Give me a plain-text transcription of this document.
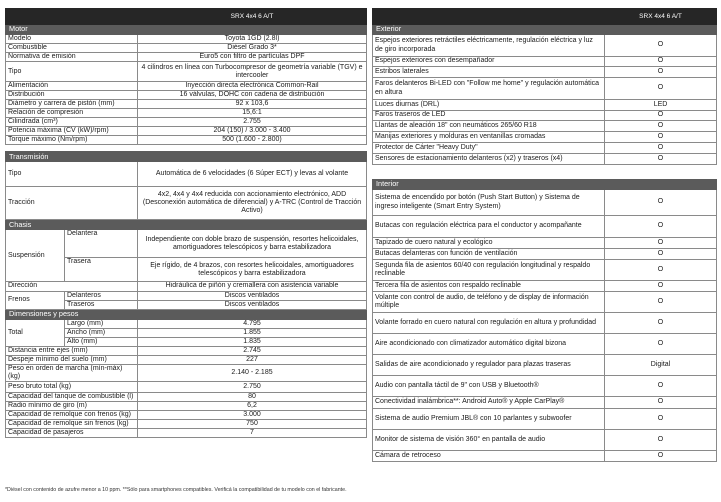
		SRX 4x4 6 A/T
Motor		
Modelo		Toyota 1GD (2.8l)
Combustible		Diésel Grado 3*
Normativa de emisión		Euro5 con filtro de partículas DPF
Tipo		4 cilindros en línea con Turbocompresor de geometría variable (TGV) e intercooler
Alimentación		Inyección directa electrónica Common-Rail
Distribución		16 válvulas, DOHC con cadena de distribución
Diámetro y carrera de pistón (mm)		92 x 103,6
Relación de compresión		15,6:1
Cilindrada (cm³)		2.755
Potencia máxima (CV (kW)/rpm)		204 (150) / 3.000 - 3.400
Torque máximo (Nm/rpm)		500 (1.600 - 2.800)

Transmisión		
Tipo		Automática de 6 velocidades (6 Súper ECT) y levas al volante
Tracción		4x2, 4x4 y 4x4 reducida con accionamiento electrónico, ADD (Desconexión automática de diferencial) y A-TRC (Control de Tracción Activo)
Chasis		
Suspensión	Delantera	Independiente con doble brazo de suspensión, resortes helicoidales, amortiguadores telescópicos y barra estabilizadora
	Trasera	Eje rígido, de 4 brazos, con resortes helicoidales, amortiguadores telescópicos y barra estabilizadora
Dirección		Hidráulica de piñón y cremallera con asistencia variable
Frenos	Delanteros	Discos ventilados
	Traseros	Discos ventilados
Dimensiones y pesos		
Total	Largo (mm)	4.795
	Ancho (mm)	1.855
	Alto (mm)	1.835
Distancia entre ejes (mm)		2.745
Despeje mínimo del suelo (mm)		227
Peso en orden de marcha (mín-máx) (kg)		2.140 - 2.185
Peso bruto total (kg)		2.750
Capacidad del tanque de combustible (l)		80
Radio mínimo de giro (m)		6,2
Capacidad de remolque con frenos (kg)		3.000
Capacidad de remolque sin frenos (kg)		750
Capacidad de pasajeros		7
	SRX 4x4 6 A/T
Exterior	
Espejos exteriores retráctiles eléctricamente, regulación eléctrica y luz de giro incorporada	O
Espejos exteriores con desempañador	O
Estribos laterales	O
Faros delanteros Bi-LED con "Follow me home" y regulación automática en altura	O
Luces diurnas (DRL)	LED
Faros traseros de LED	O
Llantas de aleación 18" con neumáticos 265/60 R18	O
Manijas exteriores y molduras en ventanillas cromadas	O
Protector de Cárter "Heavy Duty"	O
Sensores de estacionamiento delanteros (x2) y traseros (x4)	O

Interior	
Sistema de encendido por botón (Push Start Button) y Sistema de ingreso inteligente (Smart Entry System)	O
Butacas con regulación eléctrica para el conductor y acompañante	O
Tapizado de cuero natural y ecológico	O
Butacas delanteras con función de ventilación	O
Segunda fila de asientos 60/40 con regulación longitudinal y respaldo reclinable	O
Tercera fila de asientos con respaldo reclinable	O
Volante con control de audio, de teléfono y de display de información múltiple	O
Volante forrado en cuero natural con regulación en altura y profundidad	O
Aire acondicionado con climatizador automático digital bizona	O
Salidas de aire acondicionado y regulador para plazas traseras	Digital
Audio con pantalla táctil de 9" con USB y Bluetooth®	O
Conectividad inalámbrica**: Android Auto® y Apple CarPlay®	O
Sistema de audio Premium JBL® con 10 parlantes y subwoofer	O
Monitor de sistema de visión 360° en pantalla de audio	O
Cámara de retroceso	O
*Diésel con contenido de azufre menor a 10 ppm. **Sólo para smartphones compatibles. Verificá la compatibilidad de tu modelo con el fabricante.
